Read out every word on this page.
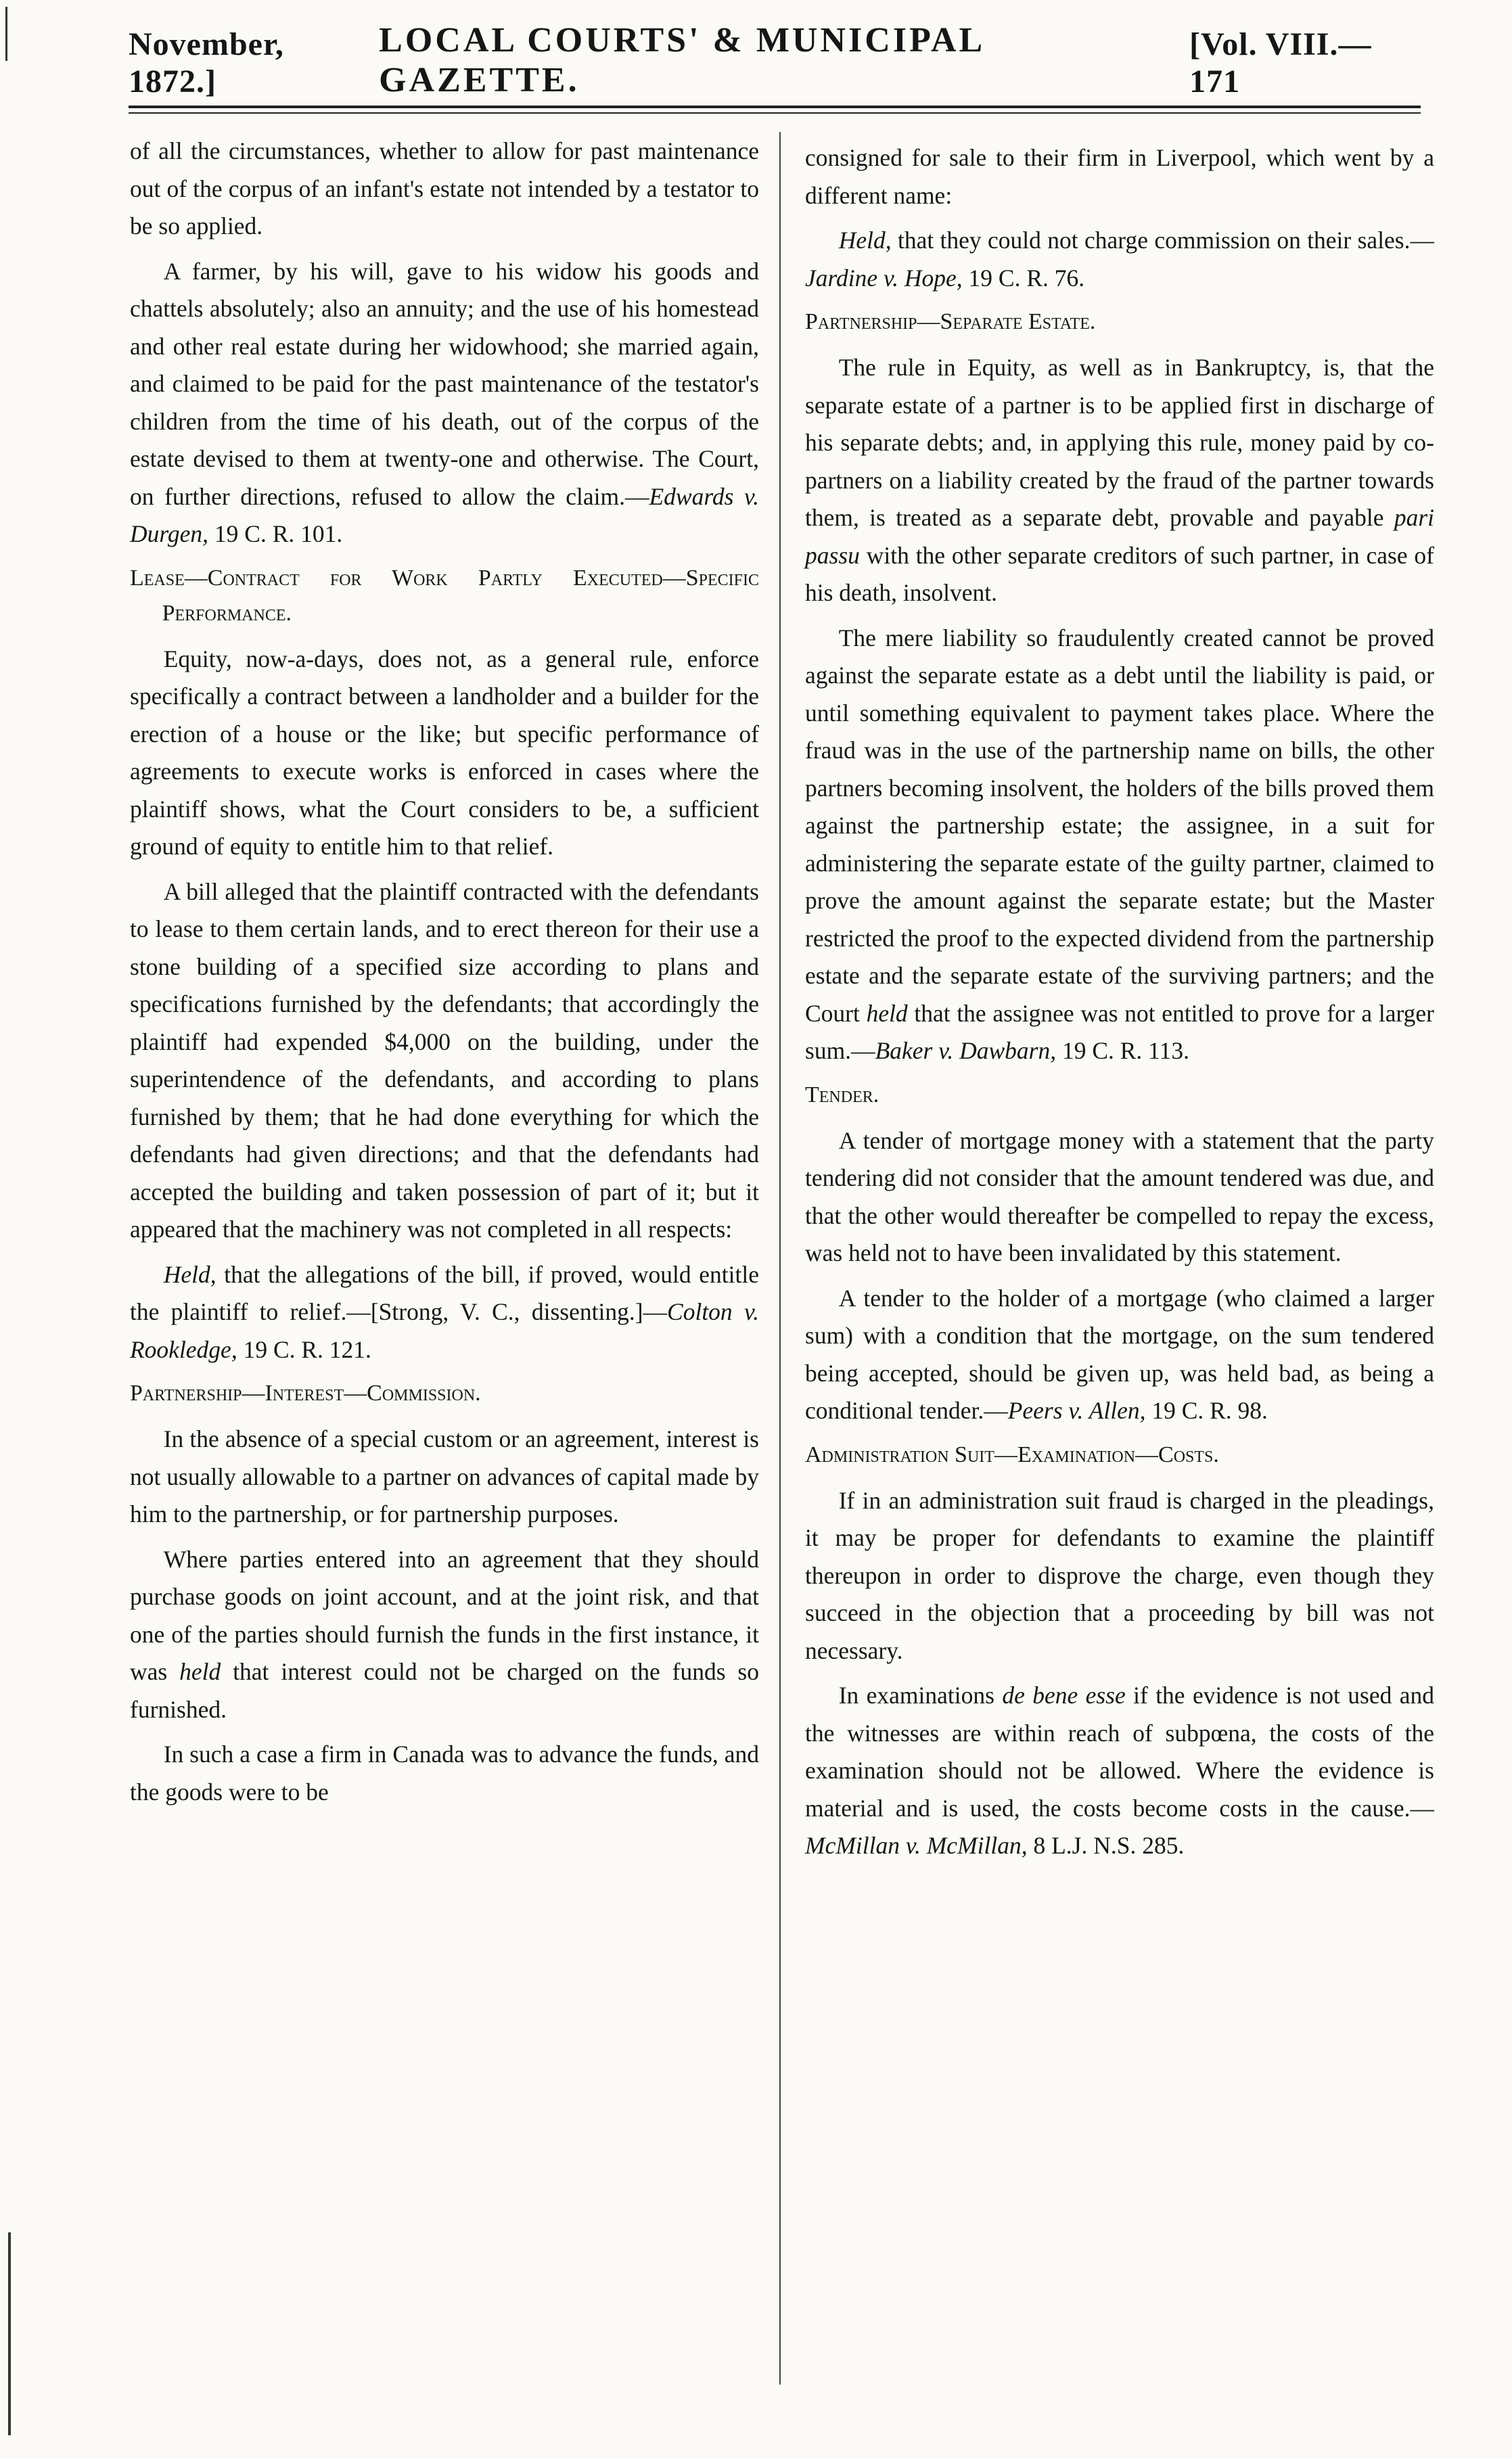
November, 1872.]
LOCAL COURTS' & MUNICIPAL GAZETTE.
[Vol. VIII.—171

of all the circumstances, whether to allow for past maintenance out of the corpus of an infant's estate not intended by a testator to be so applied.

A farmer, by his will, gave to his widow his goods and chattels absolutely; also an annuity; and the use of his homestead and other real estate during her widowhood; she married again, and claimed to be paid for the past maintenance of the testator's children from the time of his death, out of the corpus of the estate devised to them at twenty-one and otherwise. The Court, on further directions, refused to allow the claim.—Edwards v. Durgen, 19 C. R. 101.

Lease—Contract for Work Partly Executed—Specific Performance.

Equity, now-a-days, does not, as a general rule, enforce specifically a contract between a landholder and a builder for the erection of a house or the like; but specific performance of agreements to execute works is enforced in cases where the plaintiff shows, what the Court considers to be, a sufficient ground of equity to entitle him to that relief.

A bill alleged that the plaintiff contracted with the defendants to lease to them certain lands, and to erect thereon for their use a stone building of a specified size according to plans and specifications furnished by the defendants; that accordingly the plaintiff had expended $4,000 on the building, under the superintendence of the defendants, and according to plans furnished by them; that he had done everything for which the defendants had given directions; and that the defendants had accepted the building and taken possession of part of it; but it appeared that the machinery was not completed in all respects:

Held, that the allegations of the bill, if proved, would entitle the plaintiff to relief.—[Strong, V. C., dissenting.]—Colton v. Rookledge, 19 C. R. 121.

Partnership—Interest—Commission.

In the absence of a special custom or an agreement, interest is not usually allowable to a partner on advances of capital made by him to the partnership, or for partnership purposes.

Where parties entered into an agreement that they should purchase goods on joint account, and at the joint risk, and that one of the parties should furnish the funds in the first instance, it was held that interest could not be charged on the funds so furnished.

In such a case a firm in Canada was to advance the funds, and the goods were to be

consigned for sale to their firm in Liverpool, which went by a different name:

Held, that they could not charge commission on their sales.—Jardine v. Hope, 19 C. R. 76.

Partnership—Separate Estate.

The rule in Equity, as well as in Bankruptcy, is, that the separate estate of a partner is to be applied first in discharge of his separate debts; and, in applying this rule, money paid by co-partners on a liability created by the fraud of the partner towards them, is treated as a separate debt, provable and payable pari passu with the other separate creditors of such partner, in case of his death, insolvent.

The mere liability so fraudulently created cannot be proved against the separate estate as a debt until the liability is paid, or until something equivalent to payment takes place. Where the fraud was in the use of the partnership name on bills, the other partners becoming insolvent, the holders of the bills proved them against the partnership estate; the assignee, in a suit for administering the separate estate of the guilty partner, claimed to prove the amount against the separate estate; but the Master restricted the proof to the expected dividend from the partnership estate and the separate estate of the surviving partners; and the Court held that the assignee was not entitled to prove for a larger sum.—Baker v. Dawbarn, 19 C. R. 113.

Tender.

A tender of mortgage money with a statement that the party tendering did not consider that the amount tendered was due, and that the other would thereafter be compelled to repay the excess, was held not to have been invalidated by this statement.

A tender to the holder of a mortgage (who claimed a larger sum) with a condition that the mortgage, on the sum tendered being accepted, should be given up, was held bad, as being a conditional tender.—Peers v. Allen, 19 C. R. 98.

Administration Suit—Examination—Costs.

If in an administration suit fraud is charged in the pleadings, it may be proper for defendants to examine the plaintiff thereupon in order to disprove the charge, even though they succeed in the objection that a proceeding by bill was not necessary.

In examinations de bene esse if the evidence is not used and the witnesses are within reach of subpœna, the costs of the examination should not be allowed. Where the evidence is material and is used, the costs become costs in the cause.—McMillan v. McMillan, 8 L.J. N.S. 285.
